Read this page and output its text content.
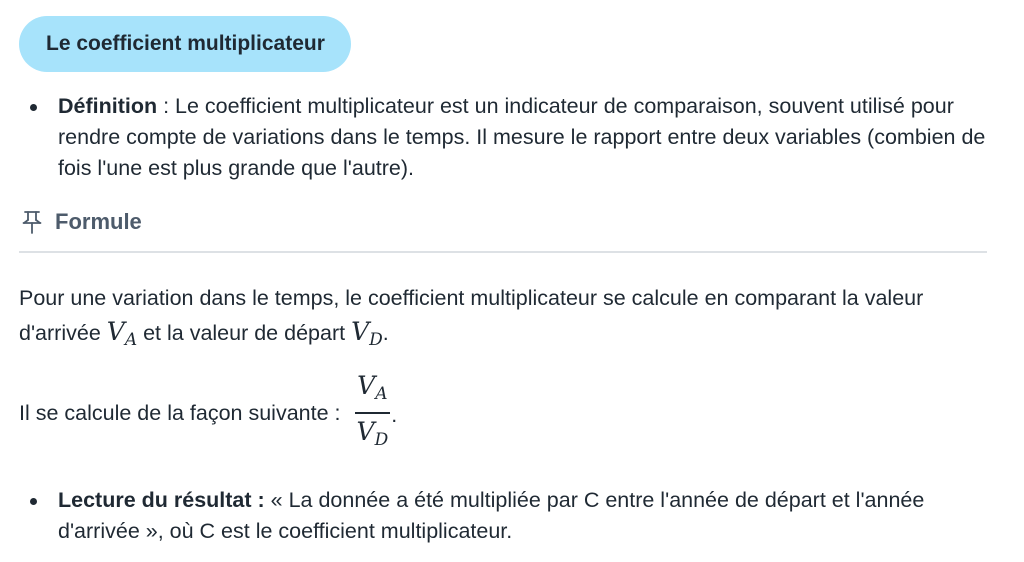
Le coefficient multiplicateur
Définition : Le coefficient multiplicateur est un indicateur de comparaison, souvent utilisé pour rendre compte de variations dans le temps. Il mesure le rapport entre deux variables (combien de fois l'une est plus grande que l'autre).
Formule
Pour une variation dans le temps, le coefficient multiplicateur se calcule en comparant la valeur d'arrivée $V_A$ et la valeur de départ $V_D$.
Il se calcule de la façon suivante : $\frac{V_A}{V_D}$ .
Lecture du résultat : « La donnée a été multipliée par C entre l'année de départ et l'année d'arrivée », où C est le coefficient multiplicateur.
